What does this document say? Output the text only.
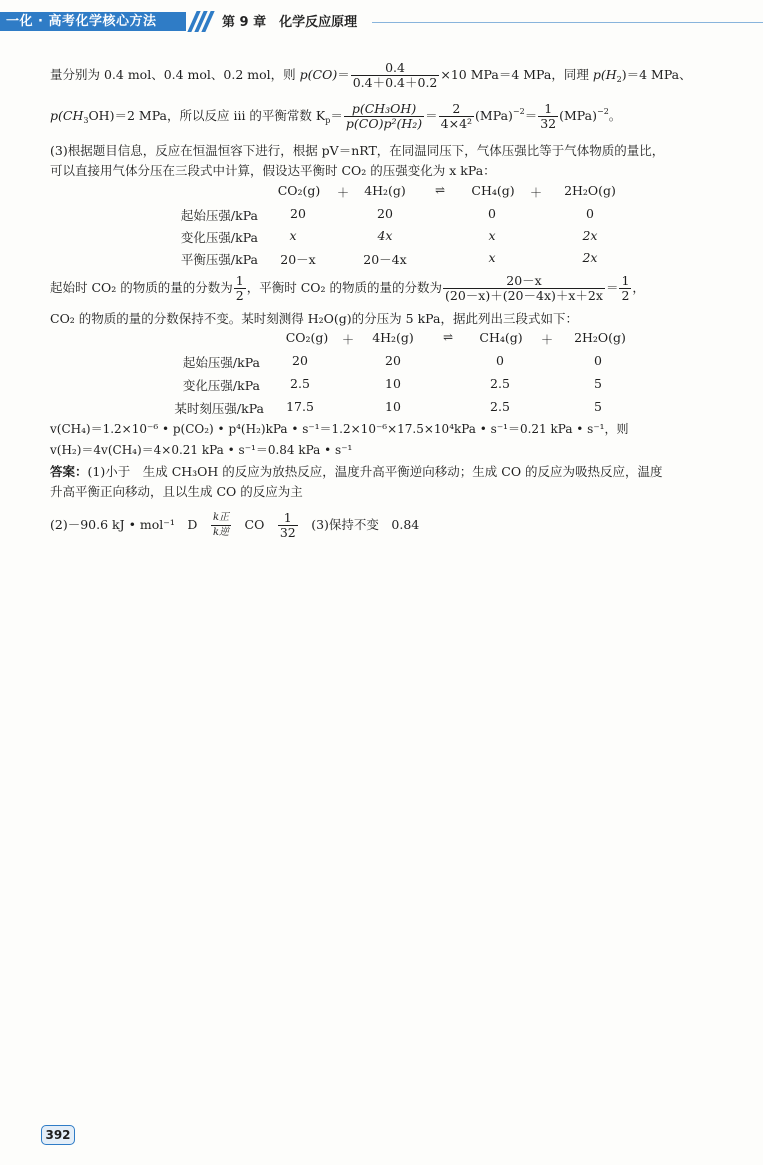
一化 · 高考化学核心方法	第 9 章　化学反应原理
量分别为 0.4 mol、0.4 mol、0.2 mol，则 $p(CO)= \frac{0.4}{0.4+0.4+0.2} \times 10$ MPa＝4 MPa，同理 $p(H_2)=4$ MPa、
$p(CH_3OH)=2$ MPa，所以反应 ⅲ 的平衡常数 $K_p= \frac{\text{p(CH₃OH)}}{\text{p(CO)p²(H₂)}} = \frac{2}{\text{4×4²}} (MPa)^{-2}= \frac{1}{32} (MPa)^{-2}$。
(3)根据题目信息，反应在恒温恒容下进行，根据 pV＝nRT，在同温同压下，气体压强比等于气体物质的量比，
可以直接用气体分压在三段式中计算，假设达平衡时 CO₂ 的压强变化为 x kPa：
CO₂(g)	＋	4H₂(g)	⇌	CH₄(g)	＋	2H₂O(g)
起始压强/kPa	20	20	0	0
变化压强/kPa	x	4x	x	2x
平衡压强/kPa	20－x	20－4x	x	2x
起始时 CO₂ 的物质的量的分数为 $\frac{1}{2}$ ，平衡时 CO₂ 的物质的量的分数为 $\frac{20-x}{(20-x)+(20-4x)+x+2x} = \frac{1}{2}$ ，
CO₂ 的物质的量的分数保持不变。某时刻测得 H₂O(g)的分压为 5 kPa，据此列出三段式如下：
CO₂(g)	＋	4H₂(g)	⇌	CH₄(g)	＋	2H₂O(g)
起始压强/kPa	20	20	0	0
变化压强/kPa	2.5	10	2.5	5
某时刻压强/kPa	17.5	10	2.5	5
v(CH₄)＝1.2×10⁻⁶ • p(CO₂) • p⁴(H₂)kPa • s⁻¹＝1.2×10⁻⁶×17.5×10⁴kPa • s⁻¹＝0.21 kPa • s⁻¹，则
v(H₂)＝4v(CH₄)＝4×0.21 kPa • s⁻¹＝0.84 kPa • s⁻¹
答案：(1)小于　生成 CH₃OH 的反应为放热反应，温度升高平衡逆向移动；生成 CO 的反应为吸热反应，温度
升高平衡正向移动，且以生成 CO 的反应为主
(2)－90.6 kJ • mol⁻¹　D　 $\frac{\text{k正}}{\text{k逆}}$ 　CO　 $\frac{1}{32}$ 　(3)保持不变　0.84
392
